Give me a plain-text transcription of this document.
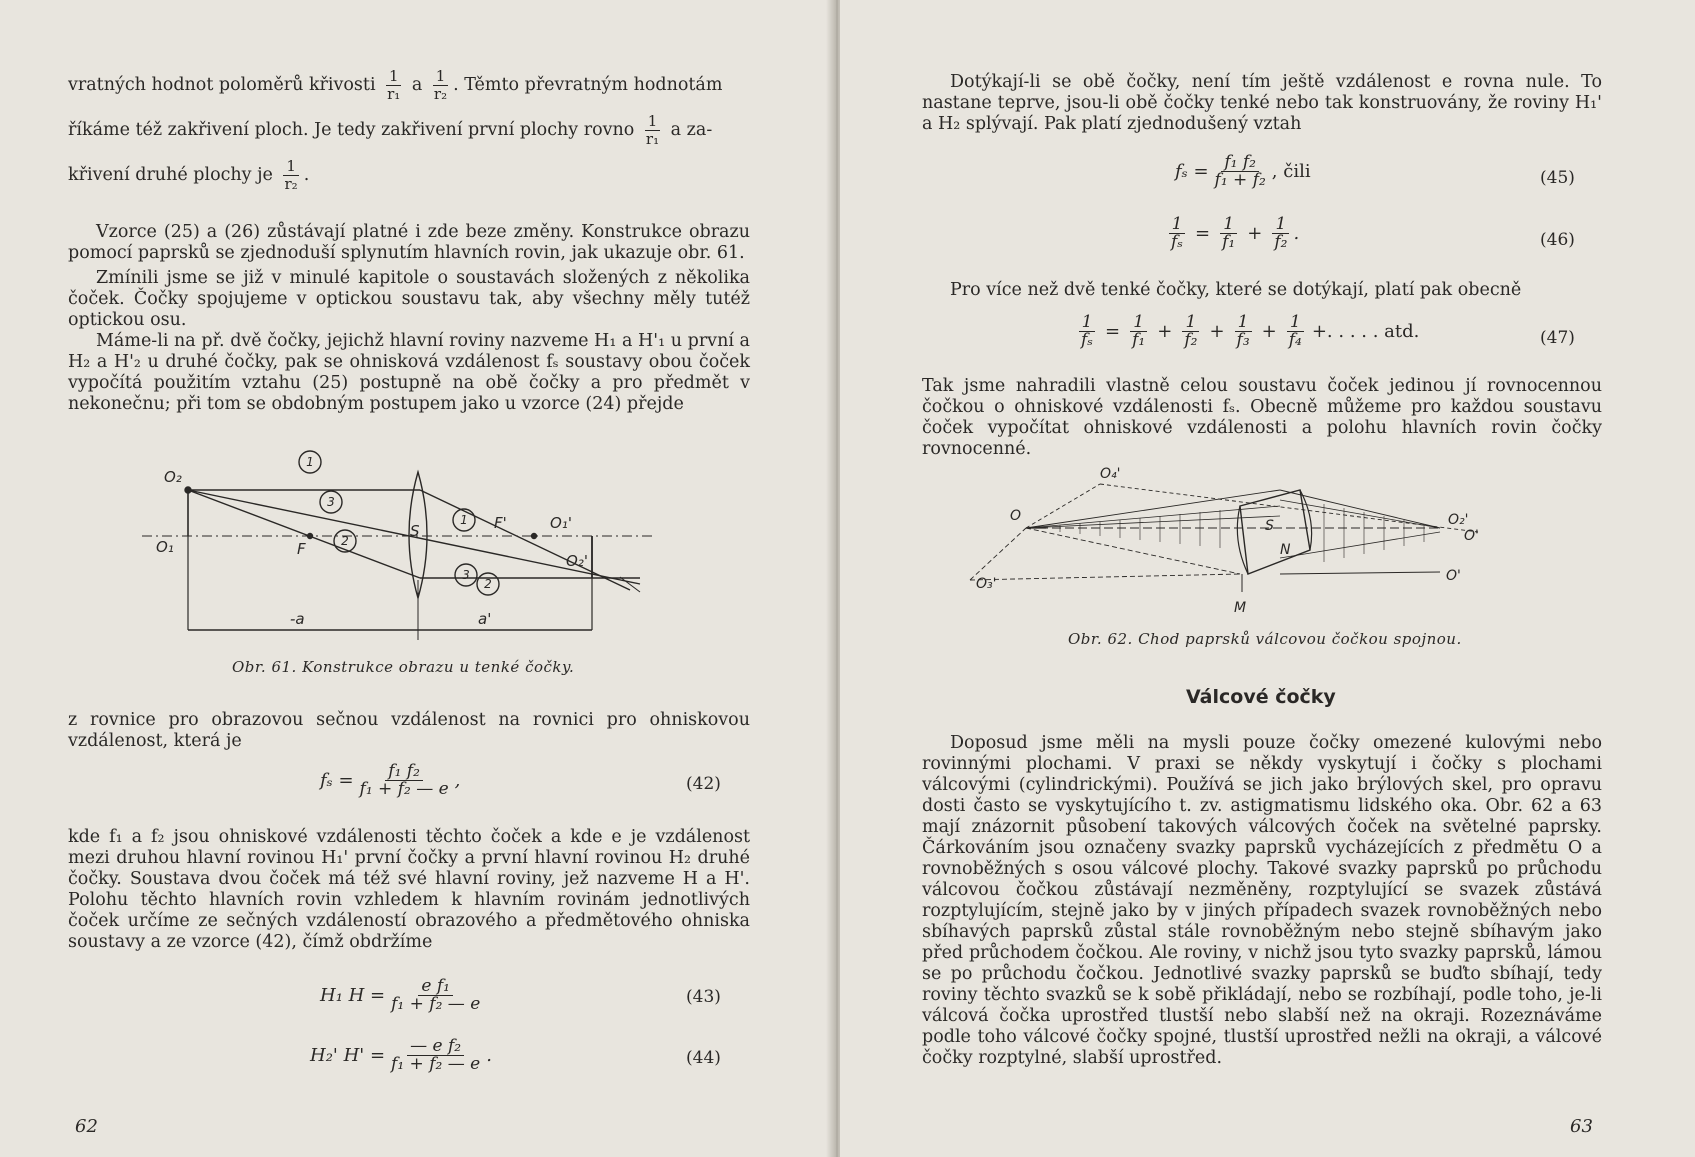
vratných hodnot poloměrů křivosti $\frac{1}{\text{r₁}}$ a $\frac{1}{\text{r₂}}$ . Těmto převratným hodnotám
říkáme též zakřivení ploch. Je tedy zakřivení první plochy rovno $\frac{1}{\text{r₁}}$ a za-
křivení druhé plochy je $\frac{1}{\text{r₂}}$ .

Vzorce (25) a (26) zůstávají platné i zde beze změny. Konstrukce obrazu pomocí paprsků se zjednoduší splynutím hlavních rovin, jak ukazuje obr. 61.

Zmínili jsme se již v minulé kapitole o soustavách složených z několika čoček. Čočky spojujeme v optickou soustavu tak, aby všechny měly tutéž optickou osu.

Máme-li na př. dvě čočky, jejichž hlavní roviny nazveme H₁ a H'₁ u první a H₂ a H'₂ u druhé čočky, pak se ohnisková vzdálenost fₛ soustavy obou čoček vypočítá použitím vztahu (25) postupně na obě čočky a pro předmět v nekonečnu; při tom se obdobným postupem jako u vzorce (24) přejde

O₂
O₁	F
S	F'	O₁'
O₂'
-a	a'
1
3
2
1
3
2
Obr. 61. Konstrukce obrazu u tenké čočky.
z rovnice pro obrazovou sečnou vzdálenost na rovnici pro ohniskovou vzdálenost, která je
$f_s = \frac{\text{f₁ f₂}}{\text{f₁ + f₂ — e}}$ ,	(42)
kde f₁ a f₂ jsou ohniskové vzdálenosti těchto čoček a kde e je vzdálenost mezi druhou hlavní rovinou H₁' první čočky a první hlavní rovinou H₂ druhé čočky. Soustava dvou čoček má též své hlavní roviny, jež nazveme H a H'. Polohu těchto hlavních rovin vzhledem k hlavním rovinám jednotlivých čoček určíme ze sečných vzdáleností obrazového a předmětového ohniska soustavy a ze vzorce (42), čímž obdržíme
H₁ $H = \frac{\text{e f₁}}{\text{f₁ + f₂ — e}}$	(43)
H₂' $H' = \frac{\text{— e f₂}}{\text{f₁ + f₂ — e}}$ .	(44)
62

Dotýkají-li se obě čočky, není tím ještě vzdálenost e rovna nule. To nastane teprve, jsou-li obě čočky tenké nebo tak konstruovány, že roviny H₁' a H₂ splývají. Pak platí zjednodušený vztah

$f_s = \frac{\text{f₁ f₂}}{\text{f₁ + f₂}}$ , čili	(45)
$\frac{1}{\text{fₛ}} = \frac{1}{\text{f₁}} + \frac{1}{\text{f₂}}$ .	(46)

Pro více než dvě tenké čočky, které se dotýkají, platí pak obecně

$\frac{1}{\text{fₛ}} = \frac{1}{\text{f₁}} + \frac{1}{\text{f₂}} + \frac{1}{\text{f₃}} + \frac{1}{\text{f₄}}$ +. . . . . atd.	(47)
Tak jsme nahradili vlastně celou soustavu čoček jedinou jí rovnocennou čočkou o ohniskové vzdálenosti fₛ. Obecně můžeme pro každou soustavu čoček vypočítat ohniskové vzdálenosti a polohu hlavních rovin čočky rovnocenné.
O
O₄'
O₂'
O'
O'
O₃'
S
N
M
Obr. 62. Chod paprsků válcovou čočkou spojnou.
Válcové čočky

Doposud jsme měli na mysli pouze čočky omezené kulovými nebo rovinnými plochami. V praxi se někdy vyskytují i čočky s plochami válcovými (cylindrickými). Používá se jich jako brýlových skel, pro opravu dosti často se vyskytujícího t. zv. astigmatismu lidského oka. Obr. 62 a 63 mají znázornit působení takových válcových čoček na světelné paprsky. Čárkováním jsou označeny svazky paprsků vycházejících z předmětu O a rovnoběžných s osou válcové plochy. Takové svazky paprsků po průchodu válcovou čočkou zůstávají nezměněny, rozptylující se svazek zůstává rozptylujícím, stejně jako by v jiných případech svazek rovnoběžných nebo sbíhavých paprsků zůstal stále rovnoběžným nebo stejně sbíhavým jako před průchodem čočkou. Ale roviny, v nichž jsou tyto svazky paprsků, lámou se po průchodu čočkou. Jednotlivé svazky paprsků se buďto sbíhají, tedy roviny těchto svazků se k sobě přikládají, nebo se rozbíhají, podle toho, je-li válcová čočka uprostřed tlustší nebo slabší než na okraji. Rozeznáváme podle toho válcové čočky spojné, tlustší uprostřed nežli na okraji, a válcové čočky rozptylné, slabší uprostřed.

63
